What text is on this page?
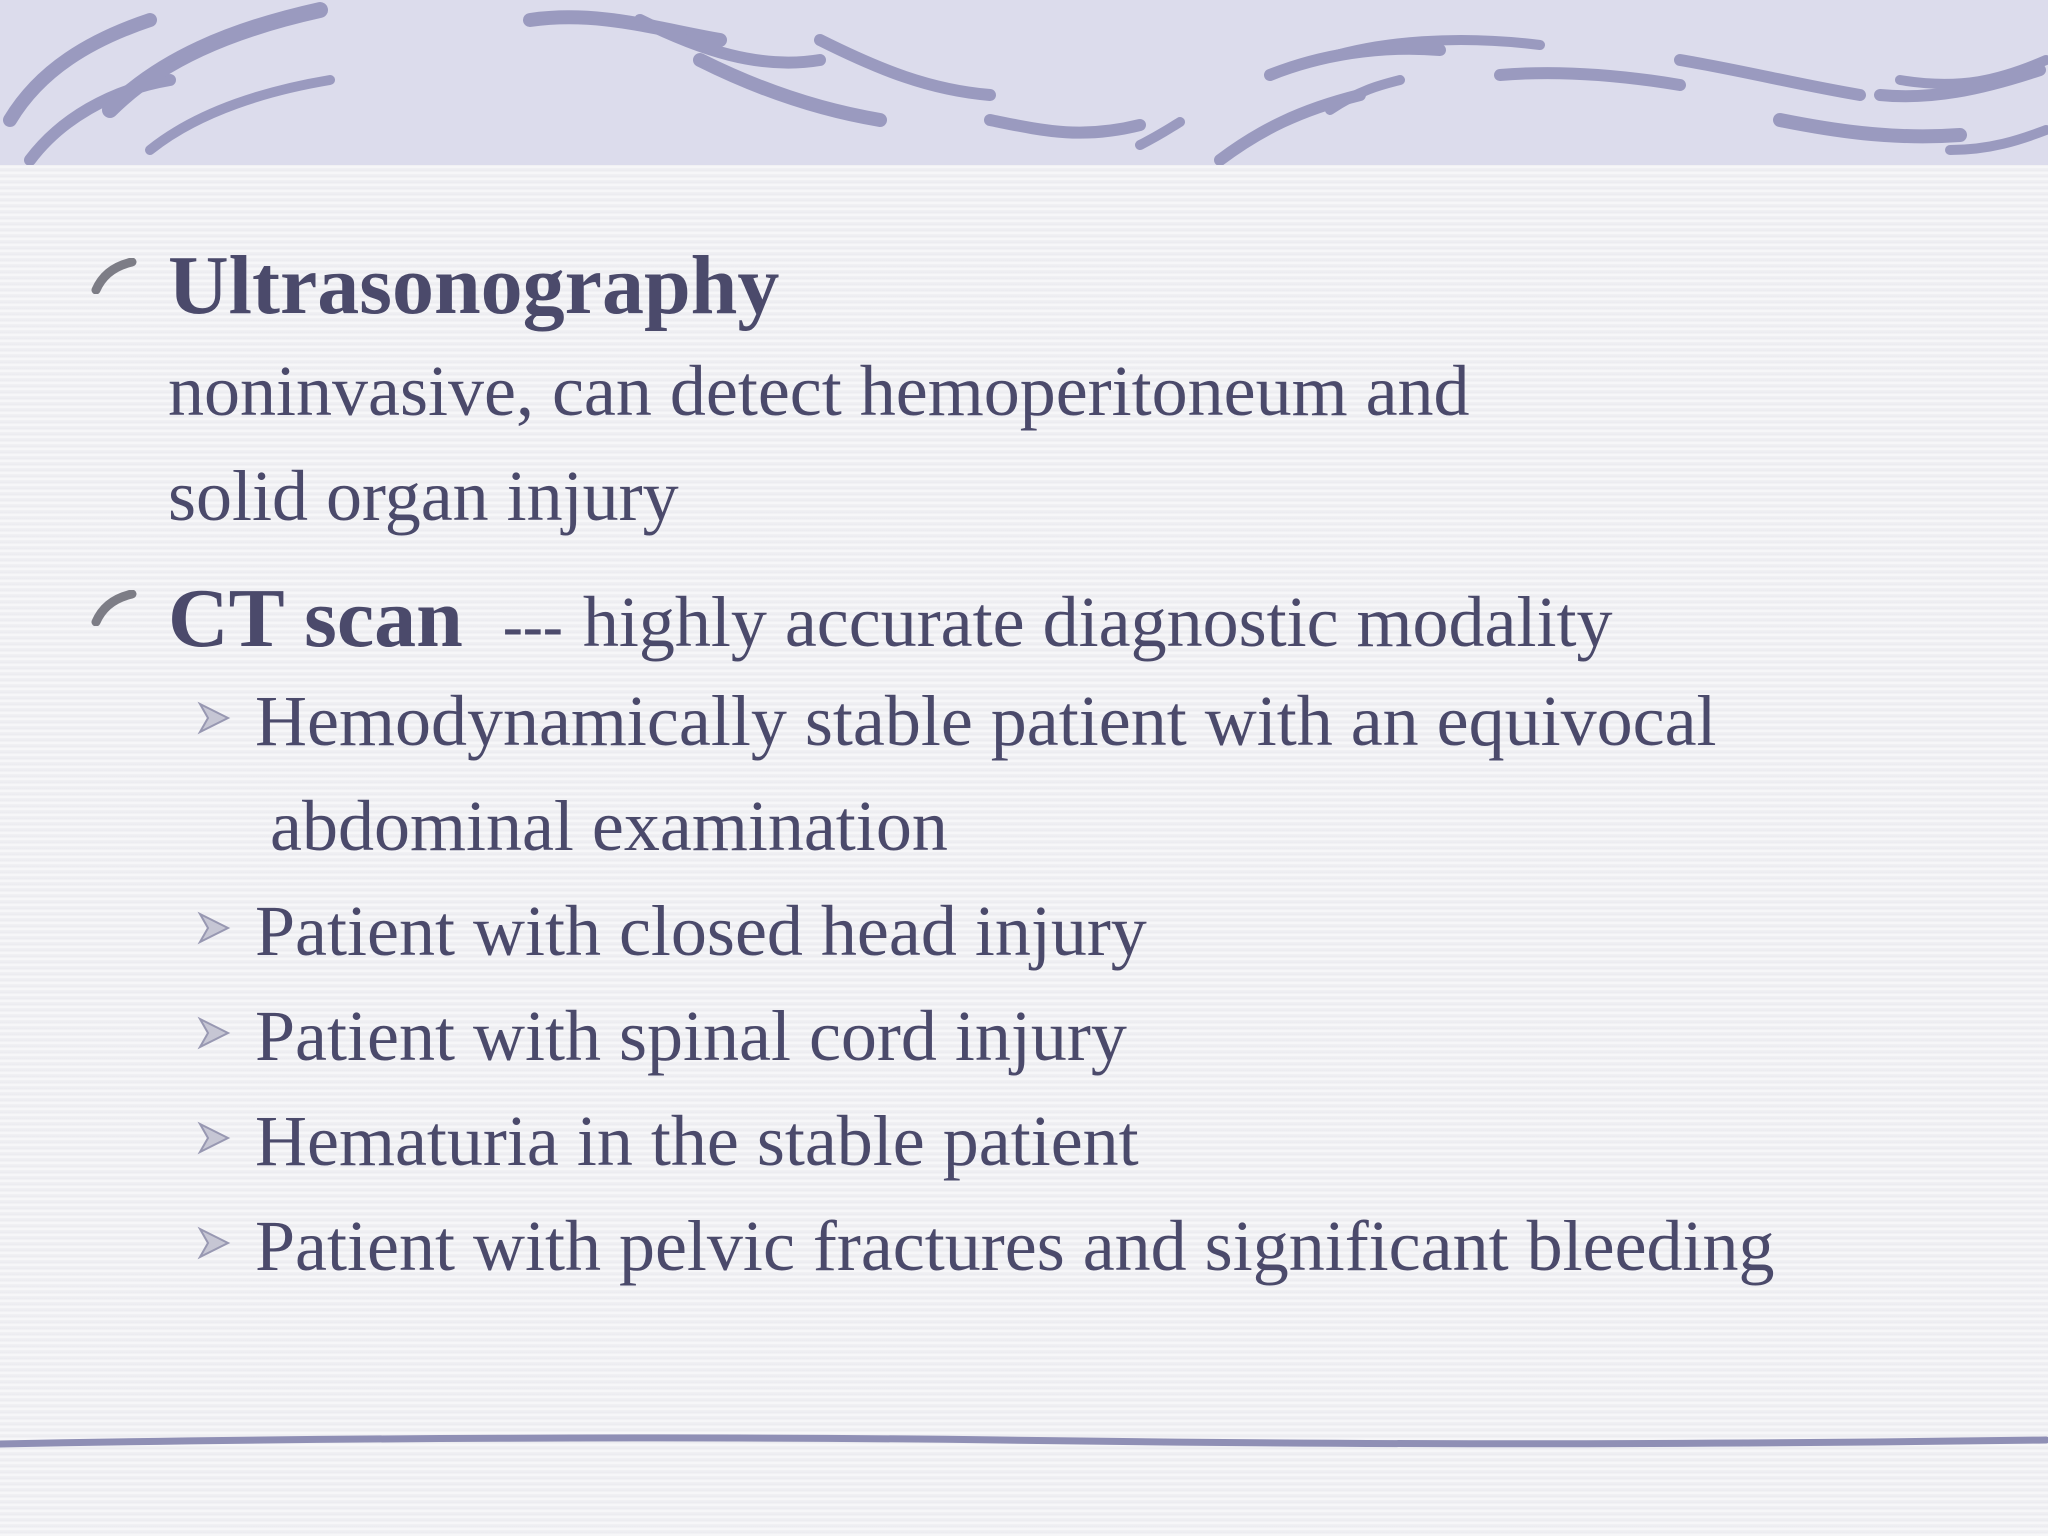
Ultrasonography
noninvasive, can detect hemoperitoneum and
solid organ injury
CT scan --- highly accurate diagnostic modality
Hemodynamically stable patient with an equivocal
abdominal examination
Patient with closed head injury
Patient with spinal cord injury
Hematuria in the stable patient
Patient with pelvic fractures and significant bleeding
